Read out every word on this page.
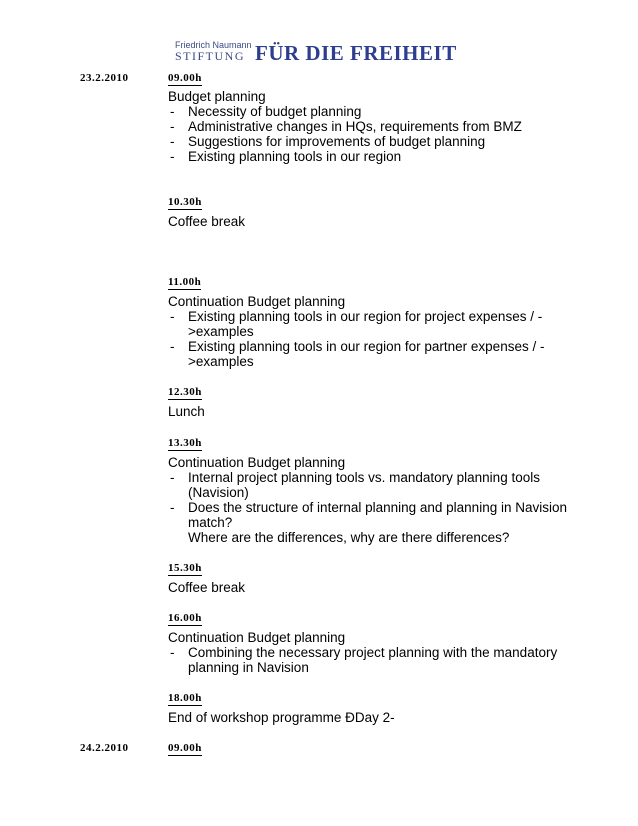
Friedrich Naumann
STIFTUNG FÜR DIE FREIHEIT
23.2.2010	09.00h
Budget planning
- Necessity of budget planning
- Administrative changes in HQs, requirements from BMZ
- Suggestions for improvements of budget planning
- Existing planning tools in our region
10.30h
Coffee break
11.00h
Continuation Budget planning
- Existing planning tools in our region for project expenses / ->examples
- Existing planning tools in our region for partner expenses / ->examples
12.30h
Lunch
13.30h
Continuation Budget planning
- Internal project planning tools vs. mandatory planning tools (Navision)
- Does the structure of internal planning and planning in Navision match?
Where are the differences, why are there differences?
15.30h
Coffee break
16.00h
Continuation Budget planning
- Combining the necessary project planning with the mandatory planning in Navision
18.00h
End of workshop programme ÐDay 2-
24.2.2010	09.00h
